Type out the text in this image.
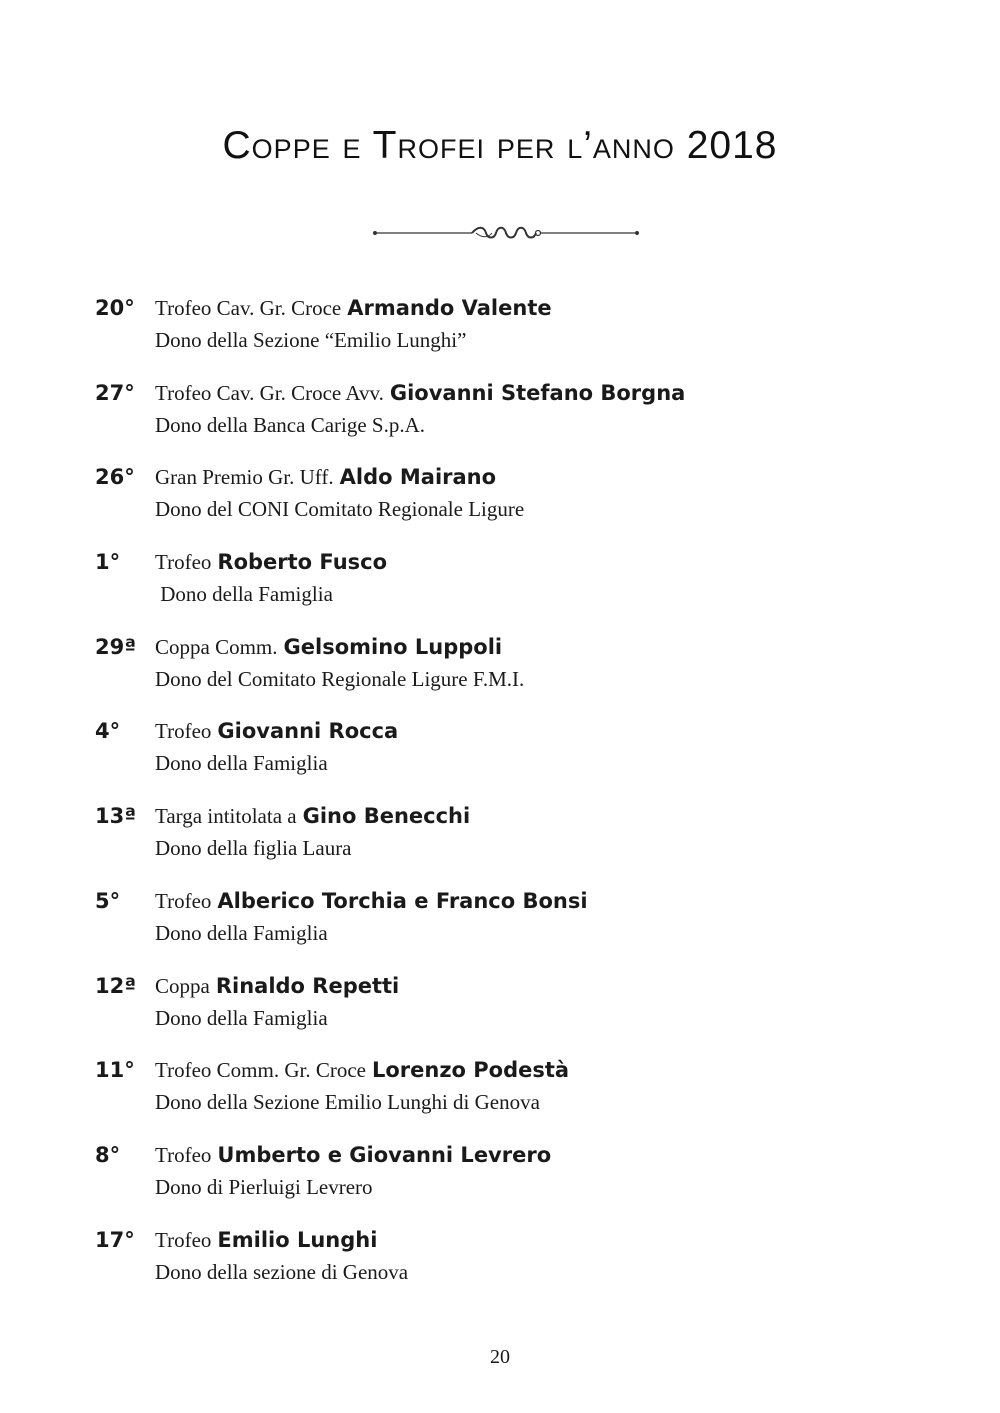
Coppe e Trofei per l’anno 2018
20° Trofeo Cav. Gr. Croce Armando Valente
Dono della Sezione “Emilio Lunghi”
27° Trofeo Cav. Gr. Croce Avv. Giovanni Stefano Borgna
Dono della Banca Carige S.p.A.
26° Gran Premio Gr. Uff. Aldo Mairano
Dono del CONI Comitato Regionale Ligure
1°	Trofeo Roberto Fusco
Dono della Famiglia
29ª Coppa Comm. Gelsomino Luppoli
Dono del Comitato Regionale Ligure F.M.I.
4°	Trofeo Giovanni Rocca
Dono della Famiglia
13ª Targa intitolata a Gino Benecchi
Dono della figlia Laura
5°	Trofeo Alberico Torchia e Franco Bonsi
Dono della Famiglia
12ª Coppa Rinaldo Repetti
Dono della Famiglia
11° Trofeo Comm. Gr. Croce Lorenzo Podestà
Dono della Sezione Emilio Lunghi di Genova
8°	Trofeo Umberto e Giovanni Levrero
Dono di Pierluigi Levrero
17° Trofeo Emilio Lunghi
Dono della sezione di Genova
20
